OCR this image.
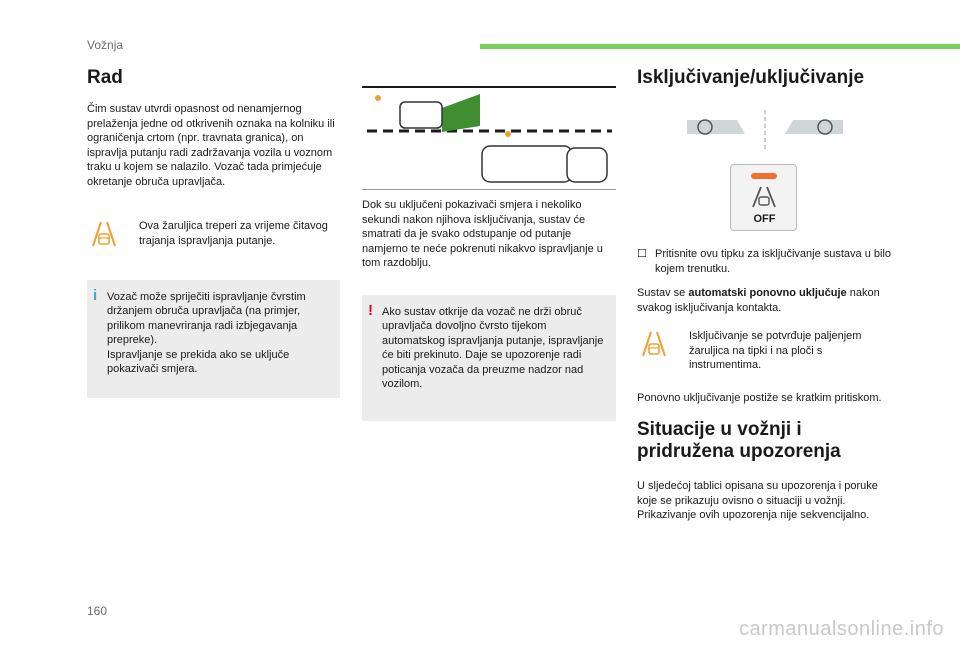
Vožnja
Rad

Čim sustav utvrdi opasnost od nenamjernog prelaženja jedne od otkrivenih oznaka na kolniku ili ograničenja crtom (npr. travnata granica), on ispravlja putanju radi zadržavanja vozila u voznom traku u kojem se nalazilo. Vozač tada primjećuje okretanje obruča upravljača.

Ova žaruljica treperi za vrijeme čitavog trajanja ispravljanja putanje.
i Vozač može spriječiti ispravljanje čvrstim držanjem obruča upravljača (na primjer, prilikom manevriranja radi izbjegavanja prepreke).
Ispravljanje se prekida ako se uključe pokazivači smjera.

Dok su uključeni pokazivači smjera i nekoliko sekundi nakon njihova isključivanja, sustav će smatrati da je svako odstupanje od putanje namjerno te neće pokrenuti nikakvo ispravljanje u tom razdoblju.

! Ako sustav otkrije da vozač ne drži obruč upravljača dovoljno čvrsto tijekom automatskog ispravljanja putanje, ispravljanje će biti prekinuto. Daje se upozorenje radi poticanja vozača da preuzme nadzor nad vozilom.
Isključivanje/uključivanje
OFF
☐ Pritisnite ovu tipku za isključivanje sustava u bilo kojem trenutku.

Sustav se automatski ponovno uključuje nakon svakog isključivanja kontakta.

Isključivanje se potvrđuje paljenjem žaruljica na tipki i na ploči s instrumentima.

Ponovno uključivanje postiže se kratkim pritiskom.

Situacije u vožnji i pridružena upozorenja

U sljedećoj tablici opisana su upozorenja i poruke koje se prikazuju ovisno o situaciji u vožnji.
Prikazivanje ovih upozorenja nije sekvencijalno.

160
carmanualsonline.info
